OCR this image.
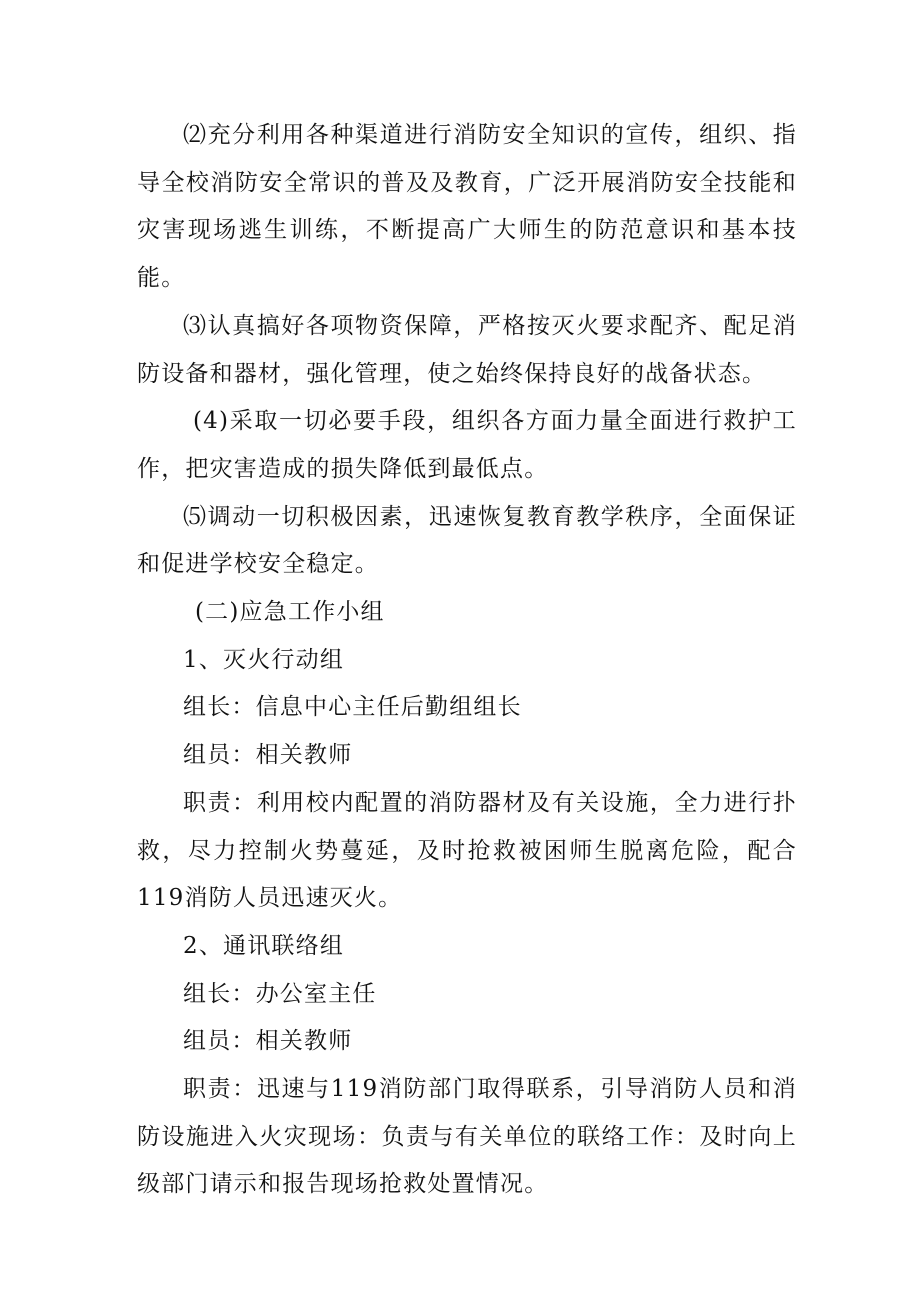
⑵充分利用各种渠道进行消防安全知识的宣传，组织、指导全校消防安全常识的普及及教育，广泛开展消防安全技能和灾害现场逃生训练，不断提高广大师生的防范意识和基本技能。

⑶认真搞好各项物资保障，严格按灭火要求配齐、配足消防设备和器材，强化管理，使之始终保持良好的战备状态。

(4)采取一切必要手段，组织各方面力量全面进行救护工作，把灾害造成的损失降低到最低点。

⑸调动一切积极因素，迅速恢复教育教学秩序，全面保证和促进学校安全稳定。

(二)应急工作小组

1、灭火行动组

组长：信息中心主任后勤组组长

组员：相关教师

职责：利用校内配置的消防器材及有关设施，全力进行扑救，尽力控制火势蔓延，及时抢救被困师生脱离危险，配合119消防人员迅速灭火。

2、通讯联络组

组长：办公室主任

组员：相关教师

职责：迅速与119消防部门取得联系，引导消防人员和消防设施进入火灾现场：负责与有关单位的联络工作：及时向上级部门请示和报告现场抢救处置情况。
